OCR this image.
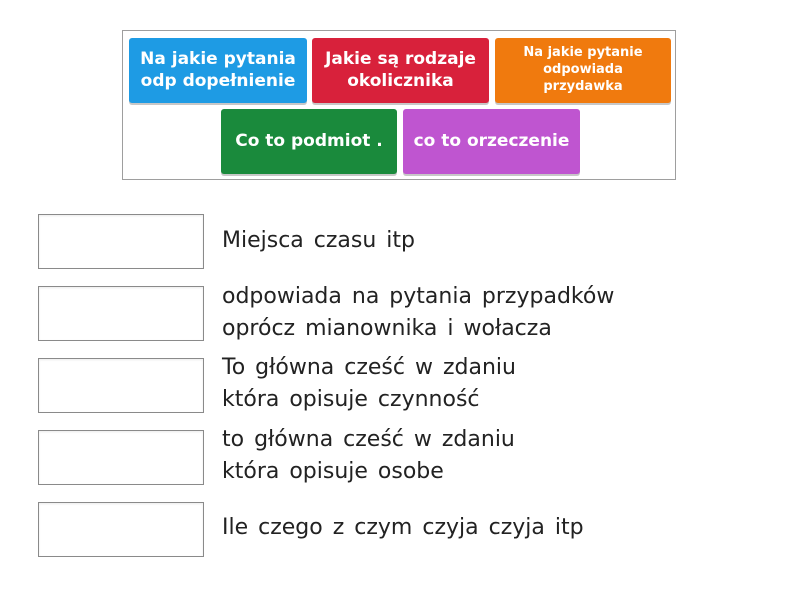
Na jakie pytania
odp dopełnienie
Jakie są rodzaje
okolicznika
Na jakie pytanie
odpowiada
przydawka
Co to podmiot . co to orzeczenie
Miejsca czasu itp
odpowiada na pytania przypadków
oprócz mianownika i wołacza
To główna cześć w zdaniu
która opisuje czynność
to główna cześć w zdaniu
która opisuje osobe
Ile czego z czym czyja czyja itp
